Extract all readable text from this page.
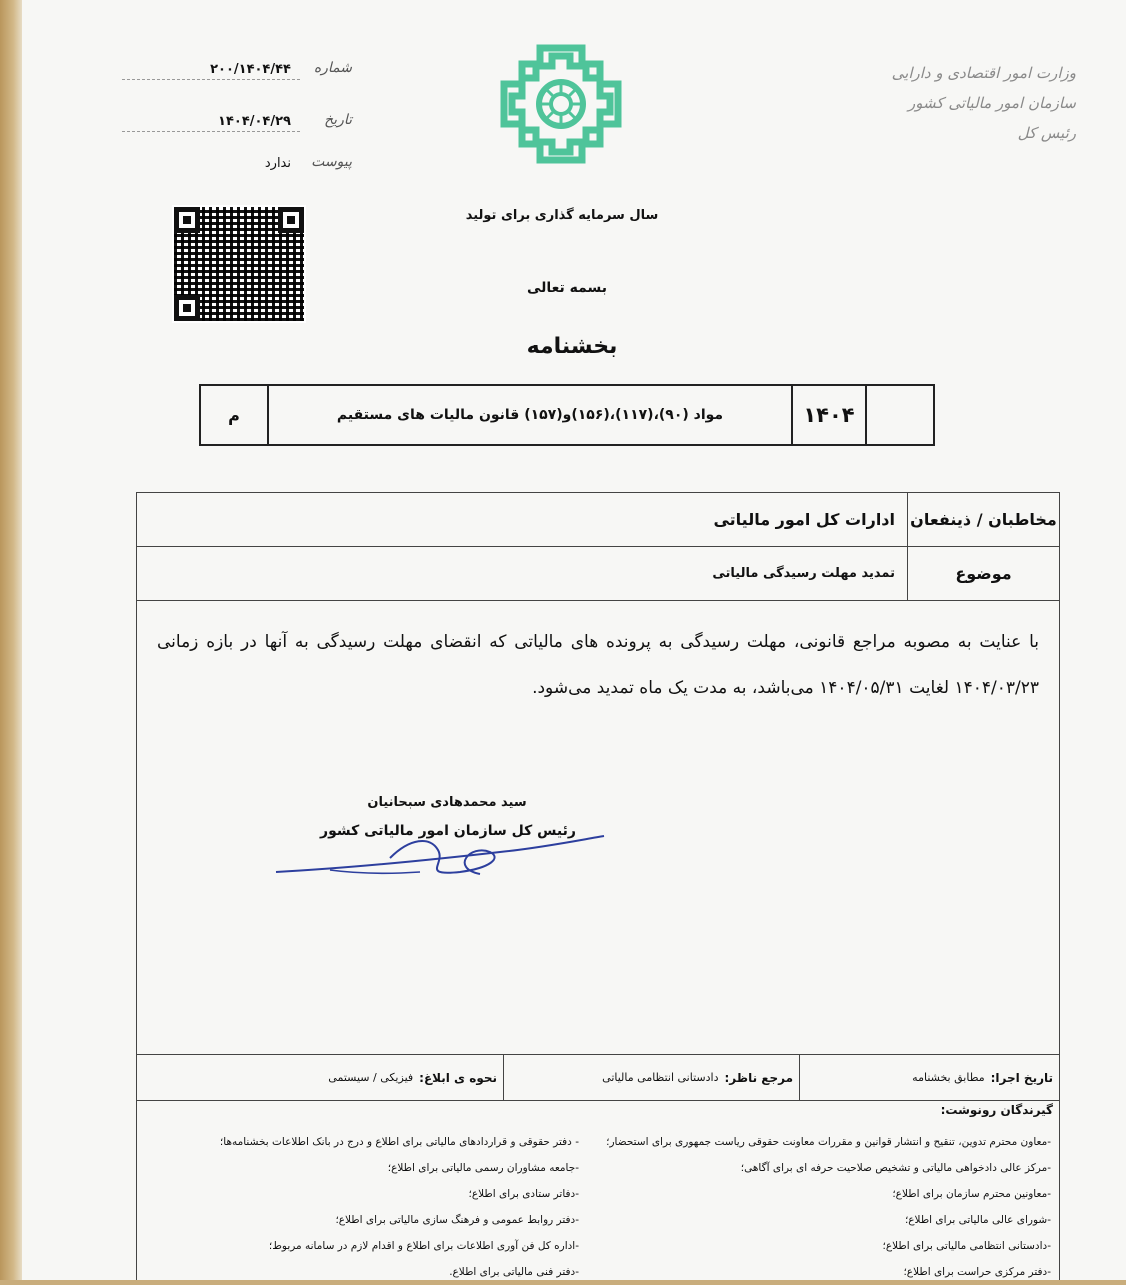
شماره
۲۰۰/۱۴۰۴/۴۴
تاریخ
۱۴۰۴/۰۴/۲۹
پیوست
ندارد
وزارت امور اقتصادی و دارایی
سازمان امور مالیاتی کشور
رئیس کل
سال سرمایه گذاری برای تولید
بسمه تعالی
بخشنامه
۱۴۰۴
مواد (۹۰)،(۱۱۷)،(۱۵۶)و(۱۵۷) قانون مالیات های مستقیم
م
مخاطبان / ذینفعان
ادارات کل امور مالیاتی
موضوع
تمدید مهلت رسیدگی مالیاتی
با عنایت به مصوبه مراجع قانونی، مهلت رسیدگی به پرونده های مالیاتی که انقضای مهلت رسیدگی به آنها در بازه زمانی ۱۴۰۴/۰۳/۲۳ لغایت ۱۴۰۴/۰۵/۳۱ می‌باشد، به مدت یک ماه تمدید می‌شود.
سید محمدهادی سبحانیان
رئیس کل سازمان امور مالیاتی کشور
تاریخ اجرا:
مطابق بخشنامه
مرجع ناظر:
دادستانی انتظامی مالیاتی
نحوه ی ابلاغ:
فیزیکی / سیستمی
گیرندگان رونوشت:
-معاون محترم تدوین، تنقیح و انتشار قوانین و مقررات معاونت حقوقی ریاست جمهوری برای استحضار؛
-مرکز عالی دادخواهی مالیاتی و تشخیص صلاحیت حرفه ای برای آگاهی؛
-معاونین محترم سازمان برای اطلاع؛
-شورای عالی مالیاتی برای اطلاع؛
-دادستانی انتظامی مالیاتی برای اطلاع؛
-دفتر مرکزی حراست برای اطلاع؛
- دفتر حقوقی و قراردادهای مالیاتی برای اطلاع و درج در بانک اطلاعات بخشنامه‌ها؛
-جامعه مشاوران رسمی مالیاتی برای اطلاع؛
-دفاتر ستادی برای اطلاع؛
-دفتر روابط عمومی و فرهنگ سازی مالیاتی برای اطلاع؛
-اداره کل فن آوری اطلاعات برای اطلاع و اقدام لازم در سامانه مربوط؛
-دفتر فنی مالیاتی برای اطلاع.
